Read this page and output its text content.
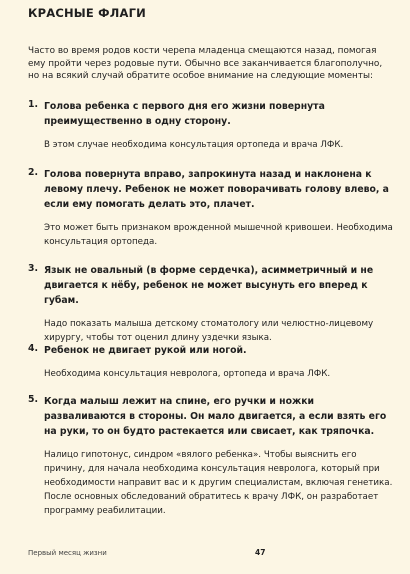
КРАСНЫЕ ФЛАГИ
Часто во время родов кости черепа младенца смещаются назад, помогая ему пройти через родовые пути. Обычно все заканчивается благополучно, но на всякий случай обратите особое внимание на следующие моменты:
1. Голова ребенка с первого дня его жизни повернута преимущественно в одну сторону.
В этом случае необходима консультация ортопеда и врача ЛФК.
2. Голова повернута вправо, запрокинута назад и наклонена к левому плечу. Ребенок не может поворачивать голову влево, а если ему помогать делать это, плачет.
Это может быть признаком врожденной мышечной кривошеи. Необходима консультация ортопеда.
3. Язык не овальный (в форме сердечка), асимметричный и не двигается к нёбу, ребенок не может высунуть его вперед к губам.
Надо показать малыша детскому стоматологу или челюстно-лицевому хирургу, чтобы тот оценил длину уздечки языка.
4. Ребенок не двигает рукой или ногой.
Необходима консультация невролога, ортопеда и врача ЛФК.
5. Когда малыш лежит на спине, его ручки и ножки разваливаются в стороны. Он мало двигается, а если взять его на руки, то он будто растекается или свисает, как тряпочка.
Налицо гипотонус, синдром «вялого ребенка». Чтобы выяснить его причину, для начала необходима консультация невролога, который при необходимости направит вас и к другим специалистам, включая генетика. После основных обследований обратитесь к врачу ЛФК, он разработает программу реабилитации.
Первый месяц жизни	47
